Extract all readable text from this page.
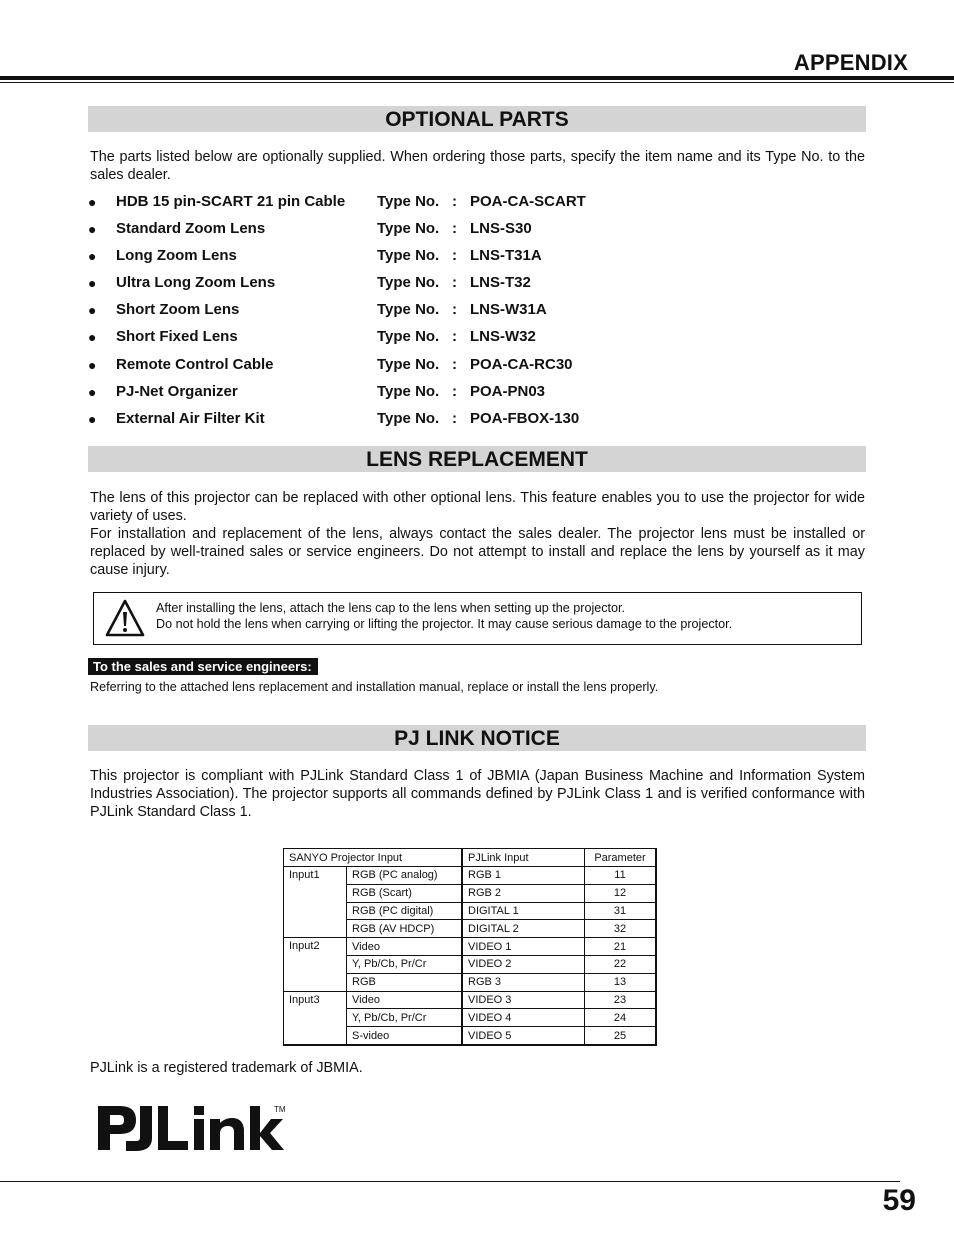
APPENDIX
OPTIONAL PARTS

The parts listed below are optionally supplied. When ordering those parts, specify the item name and its Type No. to the sales dealer.

● HDB 15 pin-SCART 21 pin Cable Type No. : POA-CA-SCART
● Standard Zoom Lens	Type No. : LNS-S30
● Long Zoom Lens	Type No. : LNS-T31A
● Ultra Long Zoom Lens	Type No. : LNS-T32
● Short Zoom Lens	Type No. : LNS-W31A
● Short Fixed Lens	Type No. : LNS-W32
● Remote Control Cable	Type No. : POA-CA-RC30
● PJ-Net Organizer	Type No. : POA-PN03
● External Air Filter Kit	Type No. : POA-FBOX-130
LENS REPLACEMENT

The lens of this projector can be replaced with other optional lens. This feature enables you to use the projector for wide variety of uses.

For installation and replacement of the lens, always contact the sales dealer. The projector lens must be installed or replaced by well-trained sales or service engineers. Do not attempt to install and replace the lens by yourself as it may cause injury.

After installing the lens, attach the lens cap to the lens when setting up the projector.
Do not hold the lens when carrying or lifting the projector. It may cause serious damage to the projector.
To the sales and service engineers:
Referring to the attached lens replacement and installation manual, replace or install the lens properly.
PJ LINK NOTICE

This projector is compliant with PJLink Standard Class 1 of JBMIA (Japan Business Machine and Information System Industries Association). The projector supports all commands defined by PJLink Class 1 and is verified conformance with PJLink Standard Class 1.

SANYO Projector Input		PJLink Input	Parameter
Input1	RGB (PC analog)	RGB 1	11
	RGB (Scart)	RGB 2	12
	RGB (PC digital)	DIGITAL 1	31
	RGB (AV HDCP)	DIGITAL 2	32
Input2	Video	VIDEO 1	21
	Y, Pb/Cb, Pr/Cr	VIDEO 2	22
	RGB	RGB 3	13
Input3	Video	VIDEO 3	23
	Y, Pb/Cb, Pr/Cr	VIDEO 4	24
	S-video	VIDEO 5	25
PJLink is a registered trademark of JBMIA.
TM
59
